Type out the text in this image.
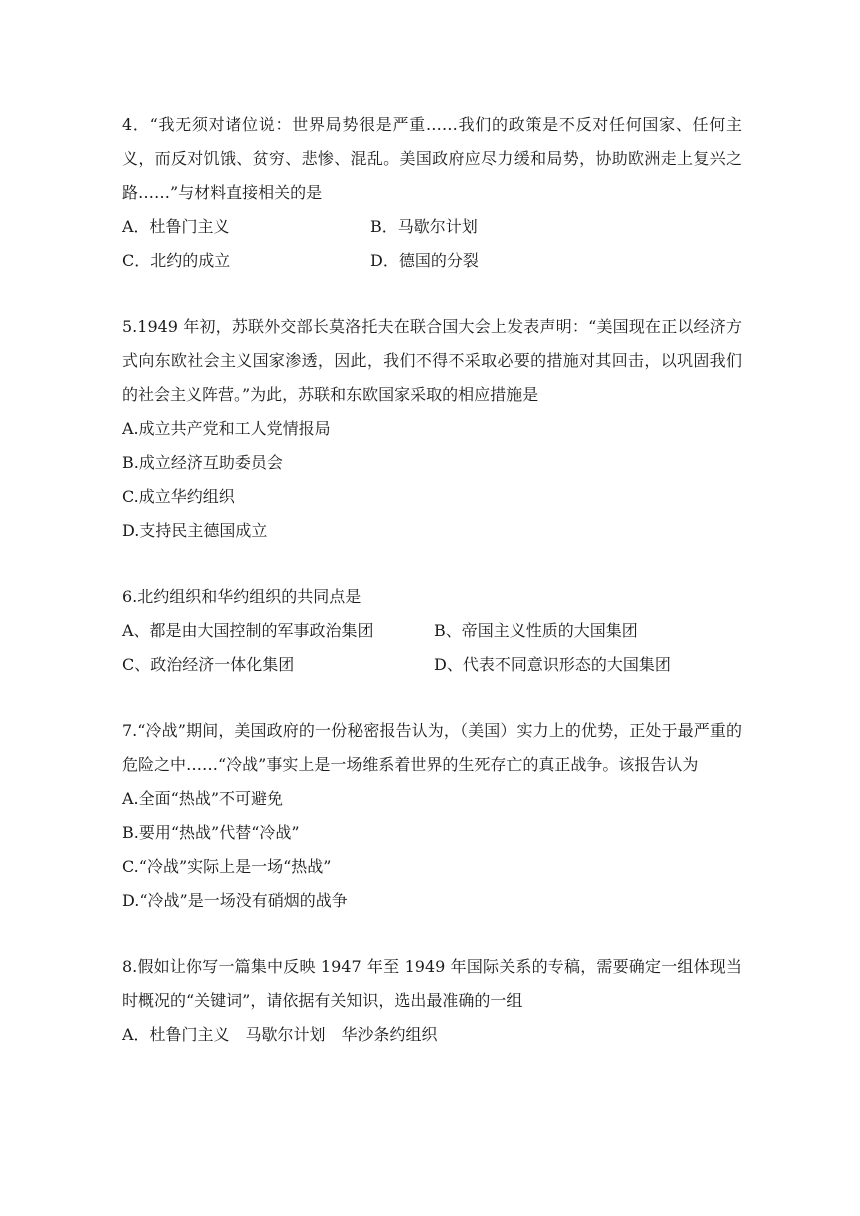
4．“我无须对诸位说：世界局势很是严重……我们的政策是不反对任何国家、任何主义，而反对饥饿、贫穷、悲惨、混乱。美国政府应尽力缓和局势，协助欧洲走上复兴之路……”与材料直接相关的是

A．杜鲁门主义	B．马歇尔计划
C．北约的成立	D．德国的分裂

5.1949 年初，苏联外交部长莫洛托夫在联合国大会上发表声明：“美国现在正以经济方式向东欧社会主义国家渗透，因此，我们不得不采取必要的措施对其回击，以巩固我们的社会主义阵营。”为此，苏联和东欧国家采取的相应措施是

A.成立共产党和工人党情报局
B.成立经济互助委员会
C.成立华约组织
D.支持民主德国成立

6.北约组织和华约组织的共同点是

A、都是由大国控制的军事政治集团	B、帝国主义性质的大国集团
C、政治经济一体化集团	D、代表不同意识形态的大国集团

7.“冷战”期间，美国政府的一份秘密报告认为，（美国）实力上的优势，正处于最严重的危险之中……“冷战”事实上是一场维系着世界的生死存亡的真正战争。该报告认为

A.全面“热战”不可避免
B.要用“热战”代替“冷战”
C.“冷战”实际上是一场“热战”
D.“冷战”是一场没有硝烟的战争

8.假如让你写一篇集中反映 1947 年至 1949 年国际关系的专稿，需要确定一组体现当时概况的“关键词”，请依据有关知识，选出最准确的一组

A．杜鲁门主义　马歇尔计划　华沙条约组织
